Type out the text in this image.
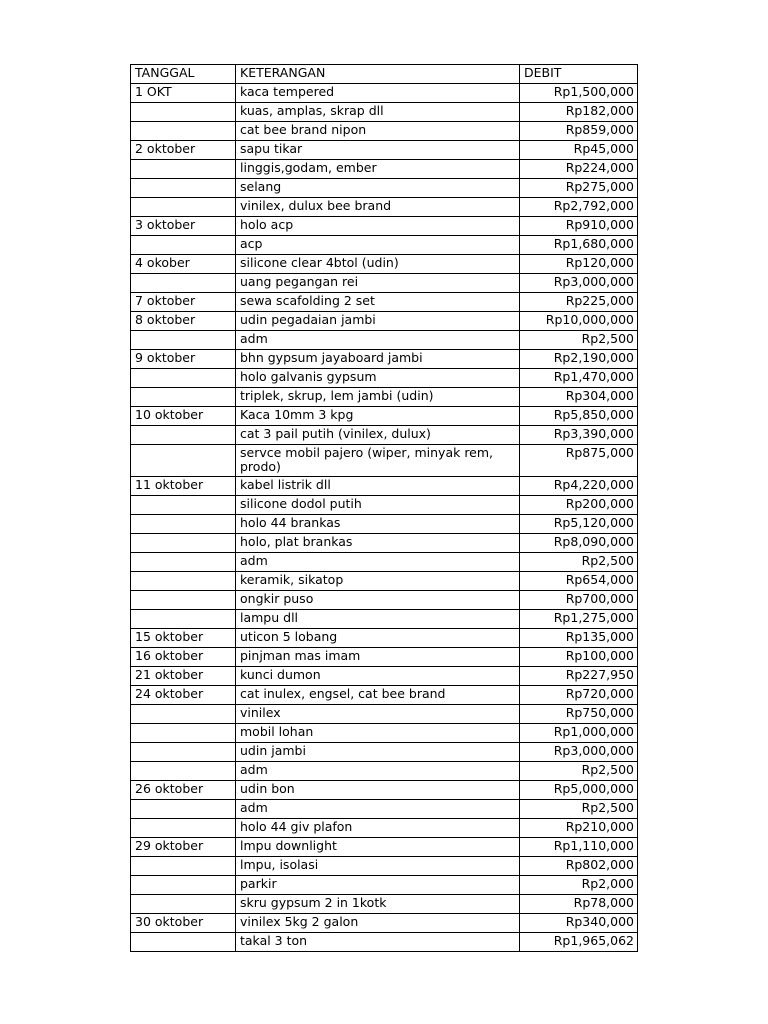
TANGGAL	KETERANGAN	DEBIT
1 OKT	kaca tempered	Rp1,500,000
	kuas, amplas, skrap dll	Rp182,000
	cat bee brand nipon	Rp859,000
2 oktober	sapu tikar	Rp45,000
	linggis,godam, ember	Rp224,000
	selang	Rp275,000
	vinilex, dulux bee brand	Rp2,792,000
3 oktober	holo acp	Rp910,000
	acp	Rp1,680,000
4 okober	silicone clear 4btol (udin)	Rp120,000
	uang pegangan rei	Rp3,000,000
7 oktober	sewa scafolding 2 set	Rp225,000
8 oktober	udin pegadaian jambi	Rp10,000,000
	adm	Rp2,500
9 oktober	bhn gypsum jayaboard jambi	Rp2,190,000
	holo galvanis gypsum	Rp1,470,000
	triplek, skrup, lem jambi (udin)	Rp304,000
10 oktober	Kaca 10mm 3 kpg	Rp5,850,000
	cat 3 pail putih (vinilex, dulux)	Rp3,390,000
	servce mobil pajero (wiper, minyak rem, prodo)	Rp875,000
11 oktober	kabel listrik dll	Rp4,220,000
	silicone dodol putih	Rp200,000
	holo 44 brankas	Rp5,120,000
	holo, plat brankas	Rp8,090,000
	adm	Rp2,500
	keramik, sikatop	Rp654,000
	ongkir puso	Rp700,000
	lampu dll	Rp1,275,000
15 oktober	uticon 5 lobang	Rp135,000
16 oktober	pinjman mas imam	Rp100,000
21 oktober	kunci dumon	Rp227,950
24 oktober	cat inulex, engsel, cat bee brand	Rp720,000
	vinilex	Rp750,000
	mobil lohan	Rp1,000,000
	udin jambi	Rp3,000,000
	adm	Rp2,500
26 oktober	udin bon	Rp5,000,000
	adm	Rp2,500
	holo 44 giv plafon	Rp210,000
29 oktober	lmpu downlight	Rp1,110,000
	lmpu, isolasi	Rp802,000
	parkir	Rp2,000
	skru gypsum 2 in 1kotk	Rp78,000
30 oktober	vinilex 5kg 2 galon	Rp340,000
	takal 3 ton	Rp1,965,062
